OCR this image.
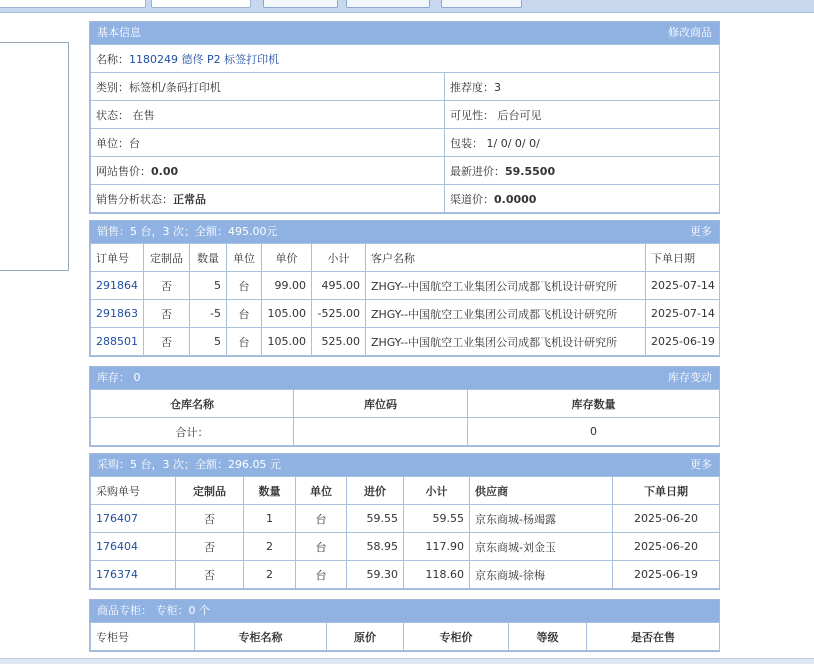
基本信息	修改商品
名称：1180249 德佟 P2 标签打印机	
类别：标签机/条码打印机	推荐度：3
状态： 在售	可见性： 后台可见
单位：台	包装： 1/ 0/ 0/ 0/
网站售价：0.00	最新进价：59.5500
销售分析状态：正常品	渠道价：0.0000
销售：5 台，3 次；全额：495.00元	更多
订单号	定制品	数量	单位	单价	小计	客户名称	下单日期
291864	否	5	台	99.00	495.00	ZHGY--中国航空工业集团公司成都飞机设计研究所	2025-07-14
291863	否	-5	台	105.00	-525.00	ZHGY--中国航空工业集团公司成都飞机设计研究所	2025-07-14
288501	否	5	台	105.00	525.00	ZHGY--中国航空工业集团公司成都飞机设计研究所	2025-06-19
库存： 0	库存变动
仓库名称	库位码	库存数量
合计：		0
采购：5 台，3 次；全额：296.05 元	更多
采购单号	定制品	数量	单位	进价	小计	供应商	下单日期
176407	否	1	台	59.55	59.55	京东商城-杨竭露	2025-06-20
176404	否	2	台	58.95	117.90	京东商城-刘金玉	2025-06-20
176374	否	2	台	59.30	118.60	京东商城-徐梅	2025-06-19
商品专柜： 专柜：0 个
专柜号	专柜名称	原价	专柜价	等级	是否在售
